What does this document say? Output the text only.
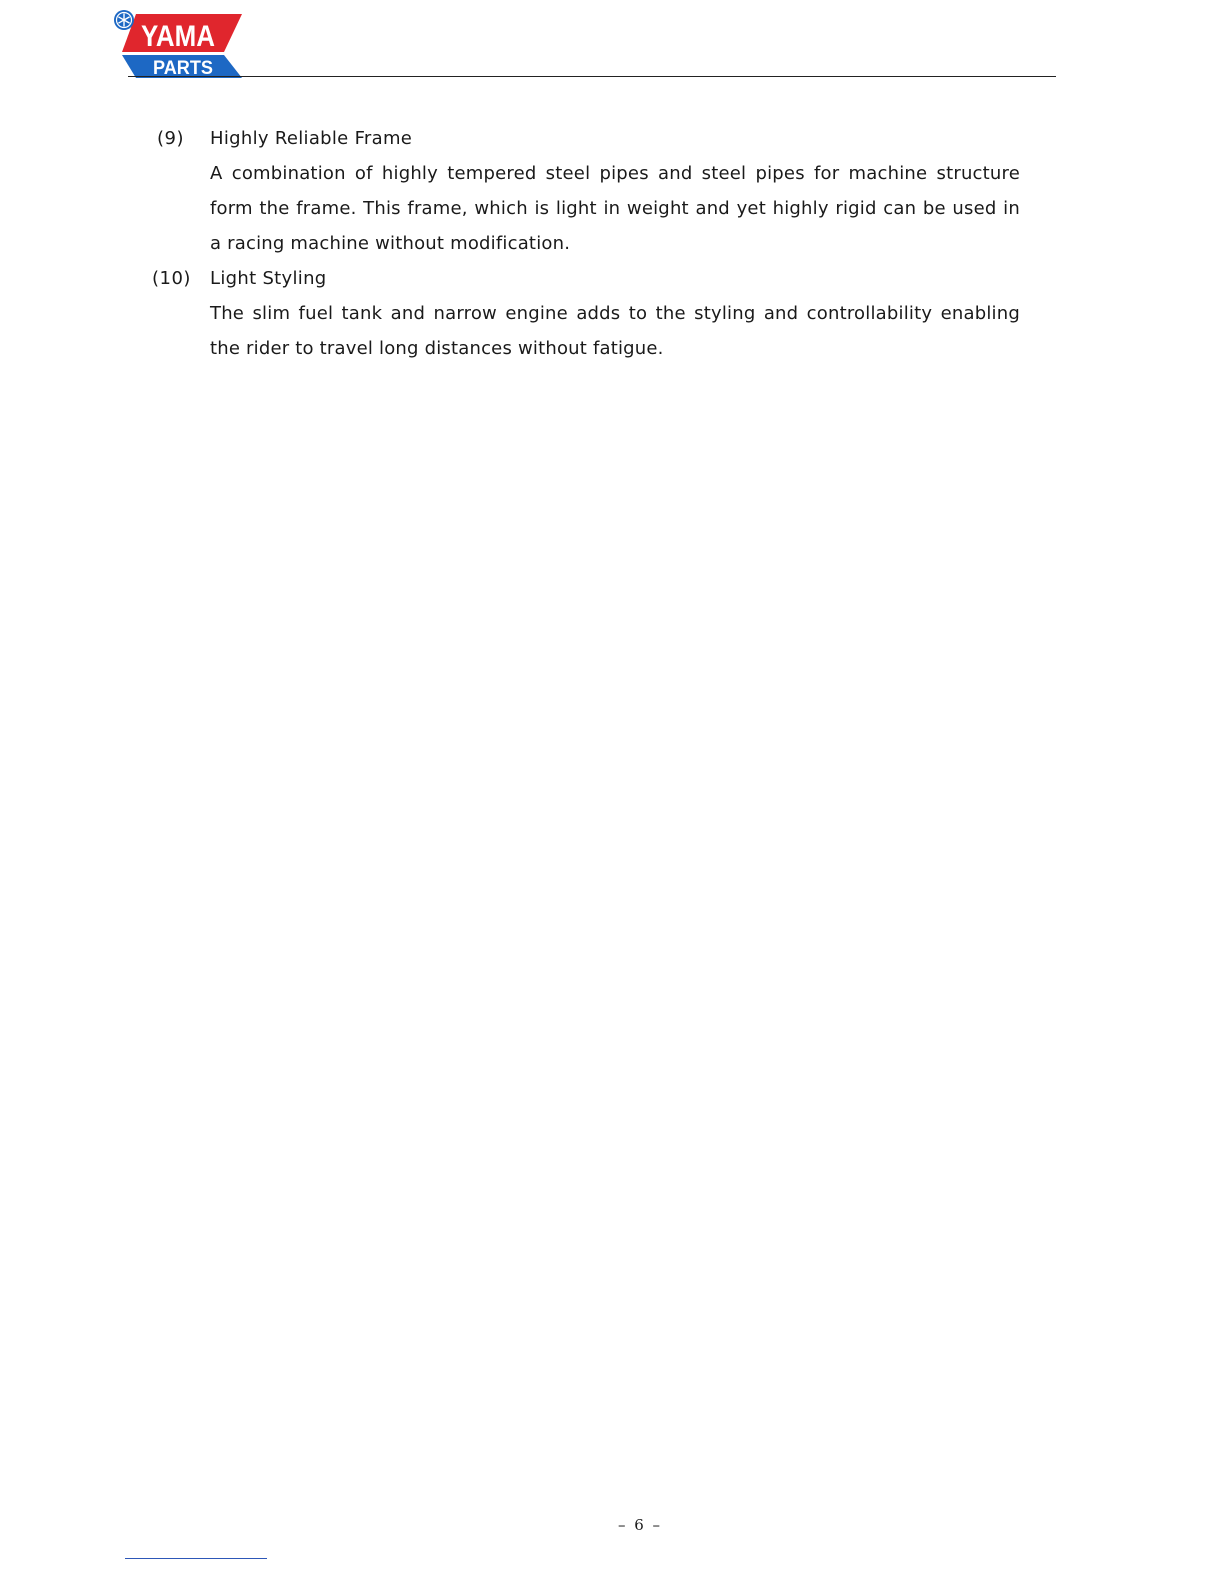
YAMA
PARTS
(9) Highly Reliable Frame
A combination of highly tempered steel pipes and steel pipes for machine structure form the frame. This frame, which is light in weight and yet highly rigid can be used in a racing machine without modification.
(10) Light Styling
The slim fuel tank and narrow engine adds to the styling and controllability enabling the rider to travel long distances without fatigue.
– 6 –
